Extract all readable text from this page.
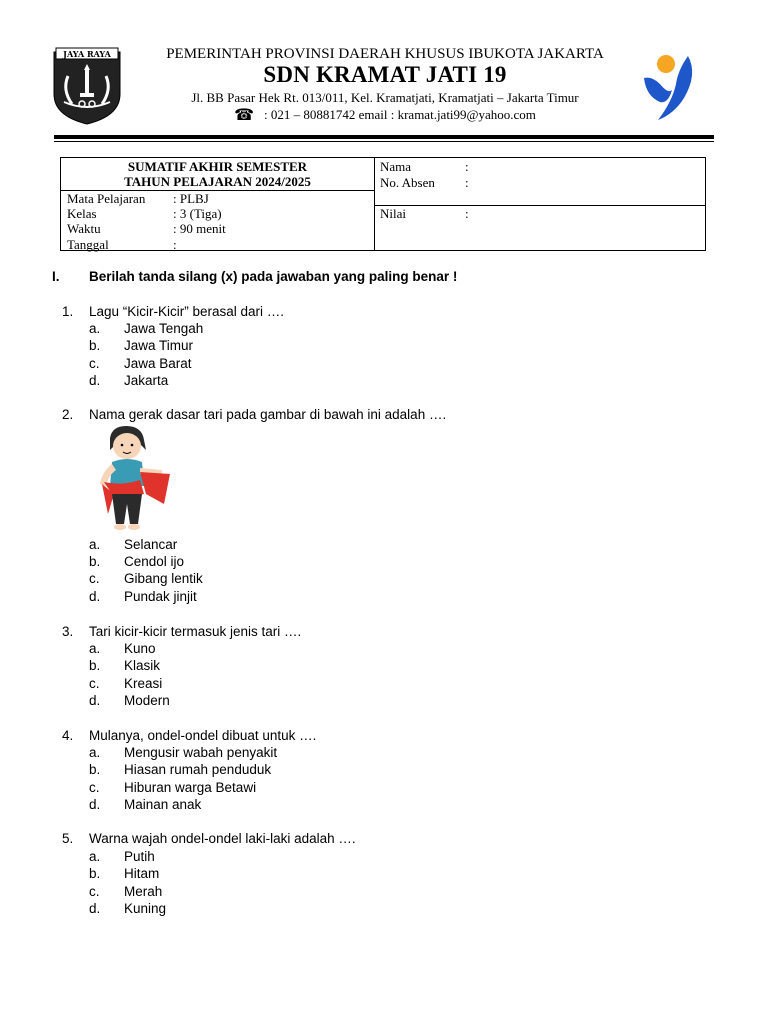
JAYA RAYA	PEMERINTAH PROVINSI DAERAH KHUSUS IBUKOTA JAKARTA
SDN KRAMAT JATI 19
Jl. BB Pasar Hek Rt. 013/011, Kel. Kramatjati, Kramatjati – Jakarta Timur
☎ : 021 – 80881742 email : kramat.jati99@yahoo.com
SUMATIF AKHIR SEMESTER
TAHUN PELAJARAN 2024/2025
Mata Pelajaran : PLBJ
Kelas	: 3 (Tiga)
Waktu	: 90 menit
Tanggal	:
Nama	:
No. Absen :
Nilai	:
I. Berilah tanda silang (x) pada jawaban yang paling benar !
1. Lagu “Kicir-Kicir” berasal dari ….
a. Jawa Tengah
b. Jawa Timur
c. Jawa Barat
d. Jakarta
2. Nama gerak dasar tari pada gambar di bawah ini adalah ….
a. Selancar
b. Cendol ijo
c. Gibang lentik
d. Pundak jinjit
3. Tari kicir-kicir termasuk jenis tari ….
a. Kuno
b. Klasik
c. Kreasi
d. Modern
4. Mulanya, ondel-ondel dibuat untuk ….
a. Mengusir wabah penyakit
b. Hiasan rumah penduduk
c. Hiburan warga Betawi
d. Mainan anak
5. Warna wajah ondel-ondel laki-laki adalah ….
a. Putih
b. Hitam
c. Merah
d. Kuning
